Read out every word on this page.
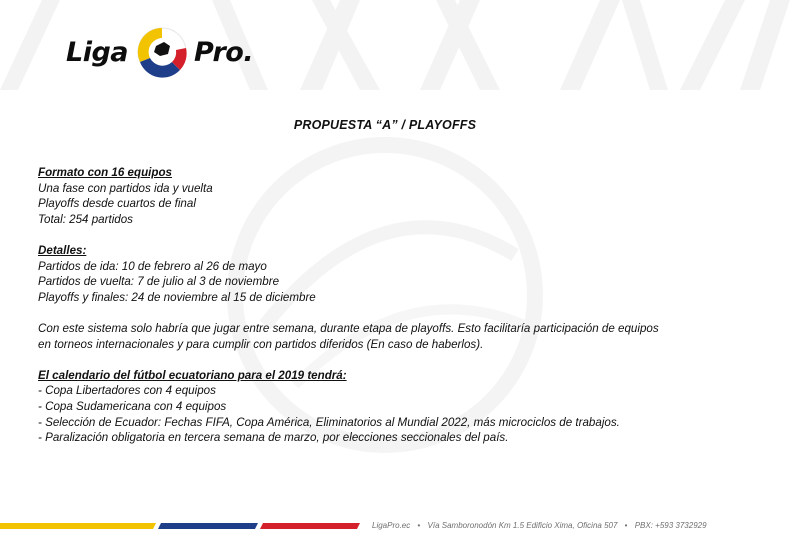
Liga Pro.
PROPUESTA “A” / PLAYOFFS

Formato con 16 equipos

Una fase con partidos ida y vuelta

Playoffs desde cuartos de final

Total: 254 partidos

Detalles:

Partidos de ida: 10 de febrero al 26 de mayo

Partidos de vuelta: 7 de julio al 3 de noviembre

Playoffs y finales: 24 de noviembre al 15 de diciembre

Con este sistema solo habría que jugar entre semana, durante etapa de playoffs. Esto facilitaría participación de equipos

en torneos internacionales y para cumplir con partidos diferidos (En caso de haberlos).

El calendario del fútbol ecuatoriano para el 2019 tendrá:

- Copa Libertadores con 4 equipos

- Copa Sudamericana con 4 equipos

- Selección de Ecuador: Fechas FIFA, Copa América, Eliminatorios al Mundial 2022, más microciclos de trabajos.

- Paralización obligatoria en tercera semana de marzo, por elecciones seccionales del país.

LigaPro.ec • Vía Samboronodón Km 1.5 Edificio Xima, Oficina 507 • PBX: +593 3732929
